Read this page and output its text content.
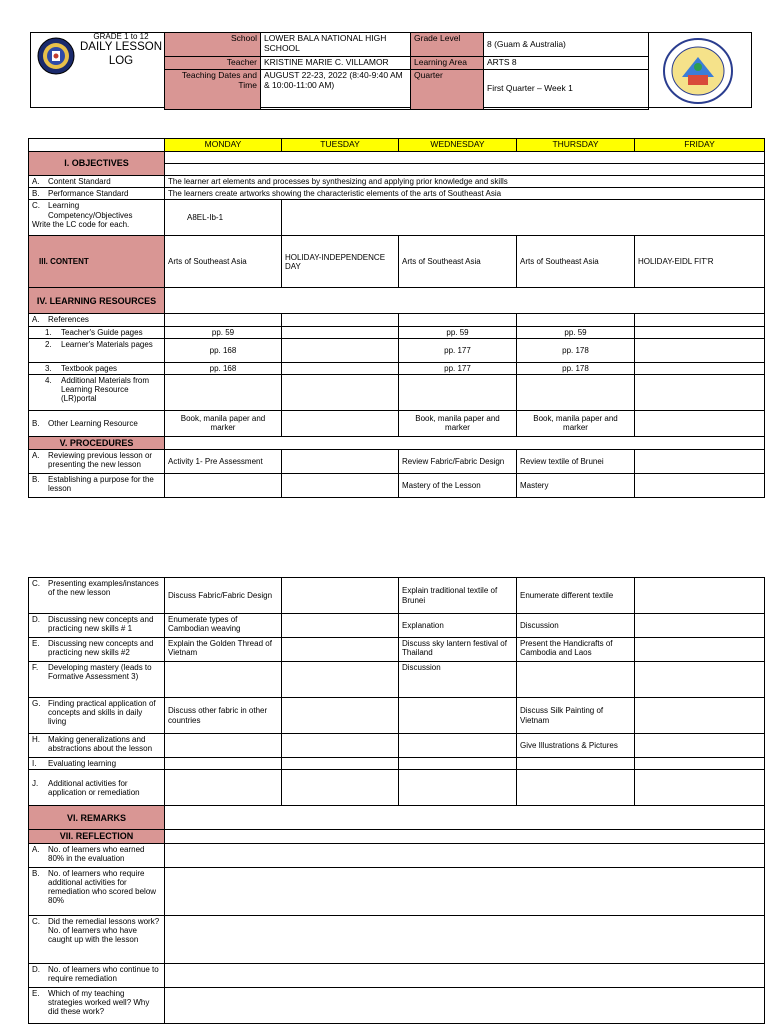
GRADE 1 to 12
DAILY LESSON
LOG
School	LOWER BALA NATIONAL HIGH SCHOOL	Grade Level	8 (Guam & Australia)
Teacher	KRISTINE MARIE C. VILLAMOR	Learning Area	ARTS 8
Teaching Dates and Time	AUGUST 22-23, 2022 (8:40-9:40 AM & 10:00-11:00 AM)	Quarter	First Quarter – Week 1
	MONDAY	TUESDAY	WEDNESDAY	THURSDAY	FRIDAY
I. OBJECTIVES					

A. Content Standard	The learner art elements and processes by synthesizing and applying prior knowledge and skills				

B. Performance Standard	The learners create artworks showing the characteristic elements of the arts of Southeast Asia				

C. Learning Competency/Objectives
Write the LC code for each.	A8EL-Ib-1				
III. CONTENT	Arts of Southeast Asia	HOLIDAY-INDEPENDENCE DAY	Arts of Southeast Asia	Arts of Southeast Asia	HOLIDAY-EIDL FIT'R
IV. LEARNING RESOURCES					

A. References					

1. Teacher's Guide pages	pp. 59		pp. 59	pp. 59	

2. Learner's Materials pages	pp. 168		pp. 177	pp. 178	

3. Textbook pages	pp. 168		pp. 177	pp. 178	

4. Additional Materials from Learning Resource (LR)portal					

B. Other Learning Resource	Book, manila paper and marker		Book, manila paper and marker	Book, manila paper and marker	
V. PROCEDURES					

A. Reviewing previous lesson or presenting the new lesson	Activity 1- Pre Assessment		Review Fabric/Fabric Design	Review textile of Brunei	

B. Establishing a purpose for the lesson			Mastery of the Lesson	Mastery	
C. Presenting examples/instances of the new lesson	Discuss Fabric/Fabric Design		Explain traditional textile of Brunei	Enumerate different textile	

D. Discussing new concepts and practicing new skills # 1	Enumerate types of Cambodian weaving		Explanation	Discussion	

E. Discussing new concepts and practicing new skills #2	Explain the Golden Thread of Vietnam		Discuss sky lantern festival of Thailand	Present the Handicrafts of Cambodia and Laos	

F. Developing mastery (leads to Formative Assessment 3)			Discussion		

G. Finding practical application of concepts and skills in daily living	Discuss other fabric in other countries			Discuss Silk Painting of Vietnam	

H. Making generalizations and abstractions about the lesson				Give Illustrations & Pictures	

I. Evaluating learning					

J. Additional activities for application or remediation					

VI. REMARKS					
VII. REFLECTION					

A. No. of learners who earned 80% in the evaluation					

B. No. of learners who require additional activities for remediation who scored below 80%					

C. Did the remedial lessons work? No. of learners who have caught up with the lesson					

D. No. of learners who continue to require remediation					

E. Which of my teaching strategies worked well? Why did these work?					
